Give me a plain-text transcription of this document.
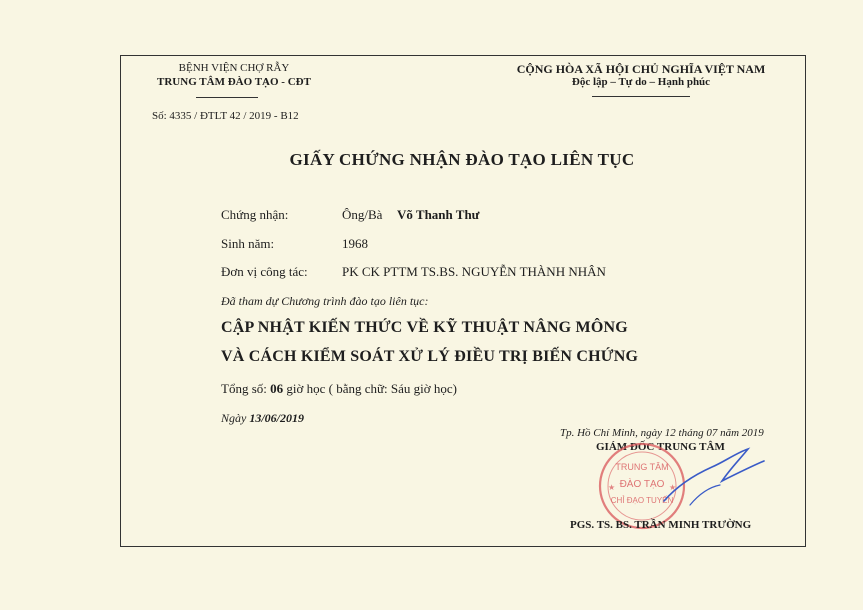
BỆNH VIỆN CHỢ RẪY
TRUNG TÂM ĐÀO TẠO - CĐT
Số: 4335 / ĐTLT 42 / 2019 - B12
CỘNG HÒA XÃ HỘI CHỦ NGHĨA VIỆT NAM
Độc lập – Tự do – Hạnh phúc
GIẤY CHỨNG NHẬN ĐÀO TẠO LIÊN TỤC
Chứng nhận:	Ông/Bà Võ Thanh Thư
Sinh năm:	1968
Đơn vị công tác:	PK CK PTTM TS.BS. NGUYỄN THÀNH NHÂN
Đã tham dự Chương trình đào tạo liên tục:
CẬP NHẬT KIẾN THỨC VỀ KỸ THUẬT NÂNG MÔNG
VÀ CÁCH KIỂM SOÁT XỬ LÝ ĐIỀU TRỊ BIẾN CHỨNG
Tổng số: 06 giờ học ( bằng chữ: Sáu giờ học)
Ngày 13/06/2019
Tp. Hồ Chí Minh, ngày 12 tháng 07 năm 2019
GIÁM ĐỐC TRUNG TÂM
TRUNG TÂM
ĐÀO TẠO
CHỈ ĐẠO TUYẾN
★	★
PGS. TS. BS. TRẦN MINH TRƯỜNG
